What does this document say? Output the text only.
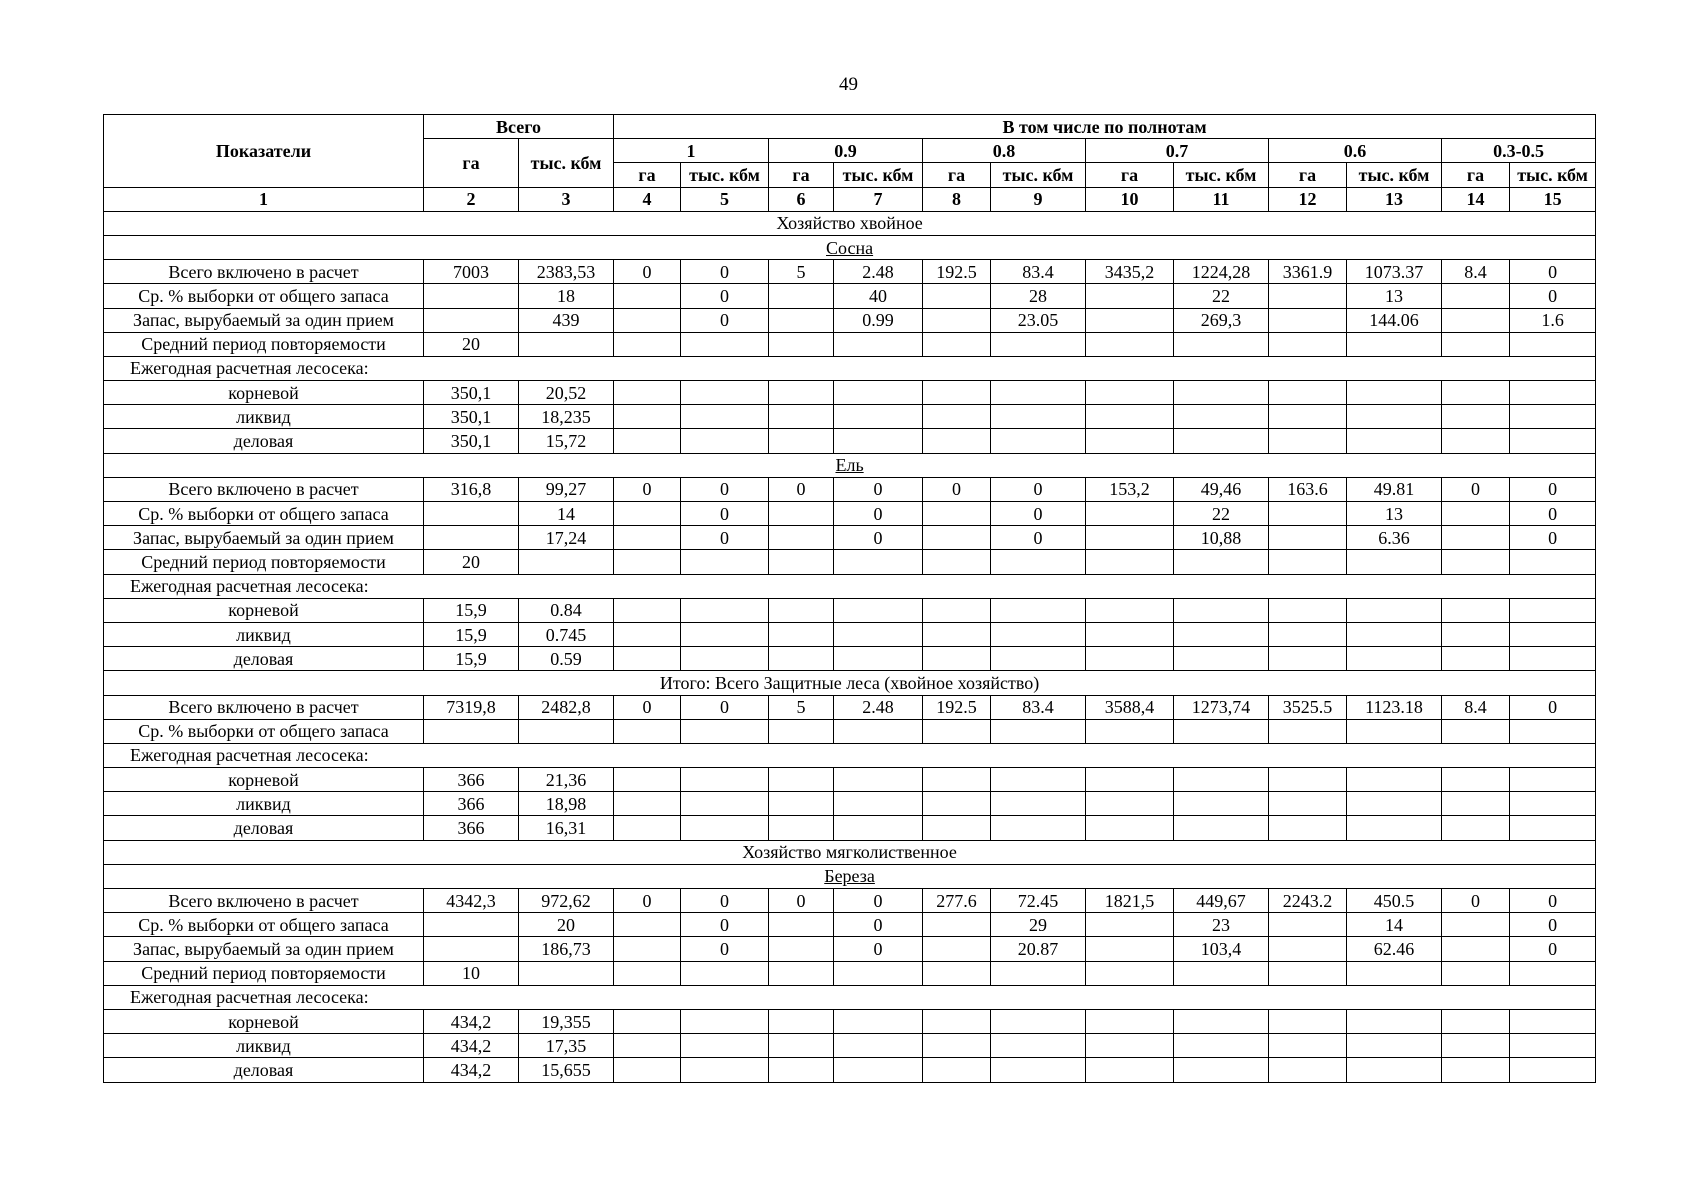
49
Показатели	Всего		В том числе по полнотам											
	га	тыс. кбм	1		0.9		0.8		0.7		0.6		0.3-0.5	
			га	тыс. кбм	га	тыс. кбм	га	тыс. кбм	га	тыс. кбм	га	тыс. кбм	га	тыс. кбм
1	2	3	4	5	6	7	8	9	10	11	12	13	14	15
Хозяйство хвойное														
Сосна														
Всего включено в расчет	7003	2383,53	0	0	5	2.48	192.5	83.4	3435,2	1224,28	3361.9	1073.37	8.4	0
Ср. % выборки от общего запаса		18		0		40		28		22		13		0
Запас, вырубаемый за один прием		439		0		0.99		23.05		269,3		144.06		1.6
Средний период повторяемости	20													
Ежегодная расчетная лесосека:														
корневой	350,1	20,52												
ликвид	350,1	18,235												
деловая	350,1	15,72												
Ель														
Всего включено в расчет	316,8	99,27	0	0	0	0	0	0	153,2	49,46	163.6	49.81	0	0
Ср. % выборки от общего запаса		14		0		0		0		22		13		0
Запас, вырубаемый за один прием		17,24		0		0		0		10,88		6.36		0
Средний период повторяемости	20													
Ежегодная расчетная лесосека:														
корневой	15,9	0.84												
ликвид	15,9	0.745												
деловая	15,9	0.59												
Итого: Всего Защитные леса (хвойное хозяйство)														
Всего включено в расчет	7319,8	2482,8	0	0	5	2.48	192.5	83.4	3588,4	1273,74	3525.5	1123.18	8.4	0
Ср. % выборки от общего запаса														
Ежегодная расчетная лесосека:														
корневой	366	21,36												
ликвид	366	18,98												
деловая	366	16,31												
Хозяйство мягколиственное														
Береза														
Всего включено в расчет	4342,3	972,62	0	0	0	0	277.6	72.45	1821,5	449,67	2243.2	450.5	0	0
Ср. % выборки от общего запаса		20		0		0		29		23		14		0
Запас, вырубаемый за один прием		186,73		0		0		20.87		103,4		62.46		0
Средний период повторяемости	10													
Ежегодная расчетная лесосека:														
корневой	434,2	19,355												
ликвид	434,2	17,35												
деловая	434,2	15,655												
